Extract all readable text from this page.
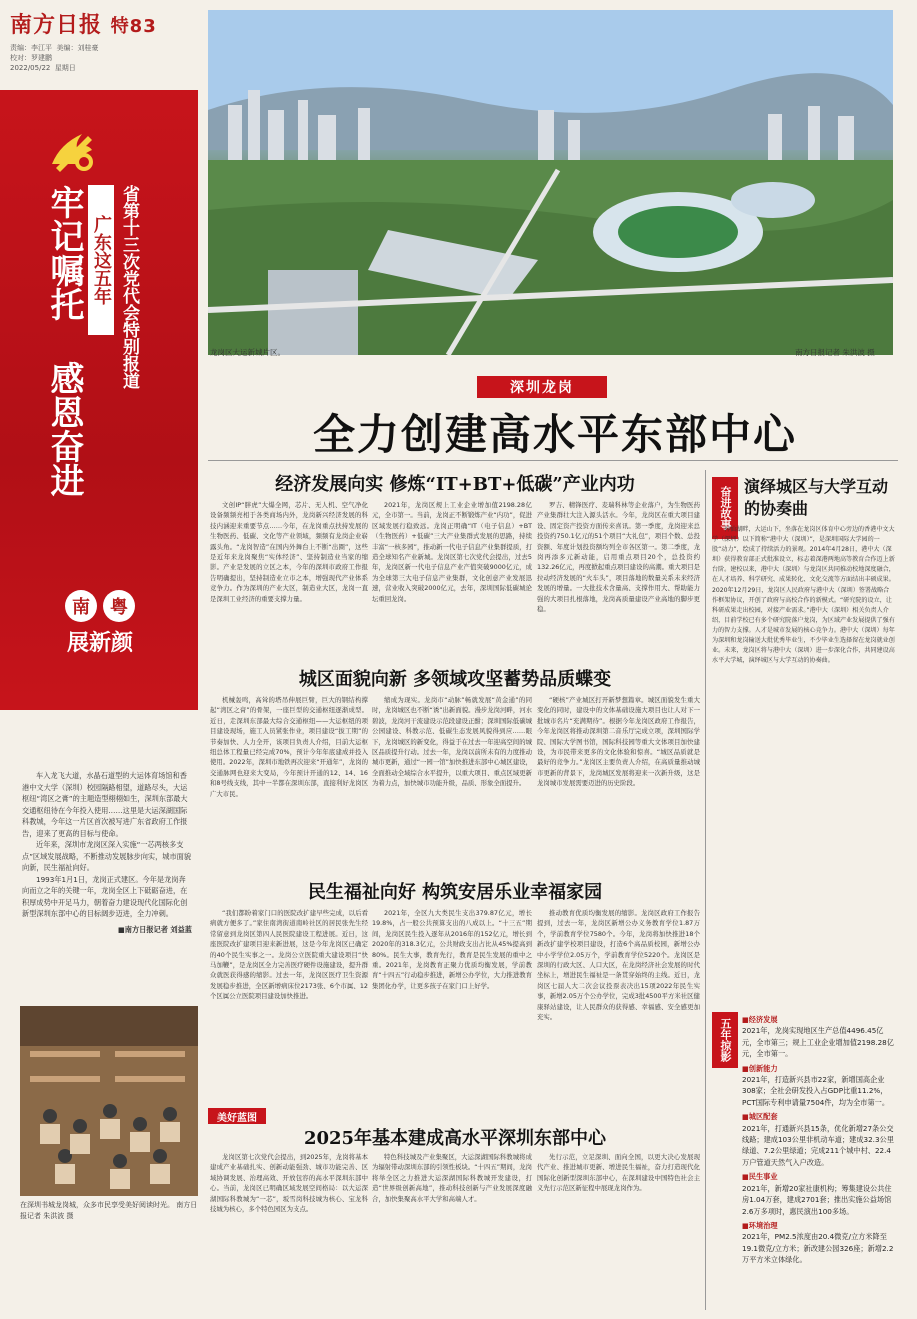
南方日报 特83
责编：李江平 美编：刘桂豪
校对：罗建鹏
2022/05/22 星期日
牢记嘱托 感恩奋进 广东这五年 省第十三次党代会特别报道
南	粤
展新颜

车入龙飞大道，水晶石道型的大运体育场馆和香港中文大学（深圳）校园隔路相望，道路尽头，大运枢纽“湾区之膏”的主题造型栩栩如生，深圳东部最大交通枢纽待在今年投入使用……这里是大运深湖国际科教城，今年这一片区首次被写进广东省政府工作报告，迎来了更高的目标与使命。

近年来，深圳市龙岗区深入实施“一芯两核多支点”区域发展战略，不断推动发展脉步向实，城市面貌向新，民生福祉向好。

1993年1月1日，龙岗正式建区。今年是龙岗奔向而立之年的关键一年，龙岗全区上下砥砺奋进，在积厚成势中开足马力，朝着奋力建设现代化国际化创新型深圳东部中心的目标阔步迈进，全力冲刺。

■南方日报记者 刘益蓝

龙岗区大运新城片区。	南方日报记者 朱洪波 摄
深圳龙岗
全力创建高水平东部中心
经济发展向实 修炼“IT+BT+低碳”产业内功
文创IP“胖虎”大爆全网，芯片、无人机、空气净化设备频频亮相于各类商场内外，龙岗新兴经济发展的科技内涵迎来重要节点……今年，在龙岗重点扶持发展的生物医药、低碳、文化等产业领域，频频有龙岗企业崭露头角。“龙岗智造”在国内外舞台上不断“出圈”，这些是近年来龙岗聚焦“实体经济”、坚持制造业当家的缩影。产业是发展的立区之本，今年的深圳市政府工作报告明确提出，坚持制造业立市之本，增强现代产业体系竞争力。作为深圳的产业大区，制造业大区，龙岗一直是深圳工业经济的重要支撑力量。
2021年，龙岗区规上工业企业增加值2198.28亿元，全市第一。当前，龙岗正不断锻炼产业“内功”，促进区域发展行稳致远。龙岗正明确“IT（电子信息）+BT（生物医药）+低碳”三大产业集群式发展的思路，持续丰富“一核多园”，推动新一代电子信息产业集群提质，打造全球知名产业新城。龙岗区第七次党代会提出，过去5年，龙岗区新一代电子信息产业产值突破9000亿元，成为全球第三大电子信息产业集群，文化创意产业发展迅速，营业收入突破2000亿元，去年，深圳国际低碳城论坛重回龙岗。
罗吉、精锋医疗、麦瑞科林等企业落户，为生物医药产业集群壮大注入源头活水。今年，龙岗区在重大项目建设、固定资产投资方面传来喜讯。第一季度，龙岗迎来总投资约750.1亿元的51个项目“大礼包”，项目个数、总投资额、年度计划投资额均列全市各区第一。第二季度，龙岗再添多元新动能，启用重点项目20个，总投资约132.26亿元，再度掀起重点项目建设的高潮。重大项目是拉动经济发展的“火车头”，项目落地的数量关系未来经济发展的增量。一大批技术含量高、支撑作用大、帮助能力强的大项目扎根落地，龙岗高质量建设产业高地的脚步更稳。
城区面貌向新 多领域攻坚蓄势品质蝶变
机械轰鸣，高耸的塔吊伸展巨臂，巨大的钢结构撑起“湾区之膏”的骨架，一座巨型的交通枢纽逐渐成型。近日，走深圳东部最大综合交通枢纽——大运枢纽的项目建设现场，施工人员紧张作业，项目建设“拔工期”的节奏加快、人力全开，该项目负责人介绍，目前大运枢纽总体工程量已经完成70%，预计今年年底建成并投入使用。2022年，深圳市地铁再次迎来“开通年”，龙岗的交通脉网也迎来大变局，今年预计开通的12、14、16和8号线支线，其中一半都在深圳东部，直接利好龙岗区广大市民。
缩成为现实。龙岗市“动脉”畅就发展“黄金通”的同时，龙岗城区也不断“诱”出新面貌。漫步龙岗河畔，河水碧波，龙岗河干流建设示范段建设正酣；深圳国际低碳城公园建设、科教示范、低碳生态发展风貌得到应……眼下，龙岗城区的新变化，得益于在过去一年迎高空间的城区品质提升行动。过去一年，龙岗以前所未有的力度推动城市更新，通过“一园一馆”加快推进东部中心城区建设，全面推动全域综合水平提升，以重大项目、重点区域更新为着力点，加快城市功能升级，品质、形象全面提升。
“硬核”产业城区打开新梦想篇章。城区面貌发生重大变化的同时，建设中的文体基础设施大项目也让人对下一批城市名片“充满期待”。根据今年龙岗区政府工作报告，今年龙岗区将推动深圳第二音乐厅完成立项，深圳国际学院、国际大学图书馆，国际科技园等重大文体项目加快建设，为市民带来更多的文化体验和惊喜。“城区品质就是最好的竞争力。”龙岗区主要负责人介绍，在高质量推动城市更新的背景下，龙岗城区发展将迎来一次新升级，这是龙岗城市发展需要迈进的历史阶段。
民生福祉向好 构筑安居乐业幸福家园
“我们都盼着家门口的医院改扩建早些完成，以后看病就方便多了。”家住南湾街道南岭社区的居民张先生经常留意到龙岗区第四人民医院建设工程进展。近日，这座医院改扩建项目迎来新进展，这是今年龙岗区已确定的40个民生实事之一。龙岗公立医院重大建设项目“快马加鞭”，是龙岗区全力完善医疗硬件设施建设，提升群众就医获得感的缩影。过去一年，龙岗区医疗卫生资源发展稳步推进，全区新增病床位2173张、6个市属、12个区属公立医院项目建设加快推进。
2021年，全区九大类民生支出379.87亿元，增长19.8%，占一般公共预算支出的八成以上。“十三五”期间，龙岗区民生投入逐年从2016年的152亿元，增长到2020年的318.3亿元，公共财政支出占比从45%提高到80%。民生大事，教育先行，教育是民生发展的重中之重。2021年，龙岗教育正聚力优质均衡发展，学前教育“十四五”行动稳步推进，新增公办学位，大力推进教育集团化办学，让更多孩子在家门口上好学。
推动教育优质均衡发展的缩影。龙岗区政府工作报告提到，过去一年，龙岗区新增公办义务教育学位1.87万个，学前教育学位7580个。今年，龙岗将加快推进18个新改扩建学校项目建设，打造6个高品质校园，新增公办中小学学位2.05万个，学前教育学位5220个。龙岗区是深圳的行政大区、人口大区，在龙岗经济社会发展的时代坐标上，增进民生福祉是一条贯穿始终的主线。近日，龙岗区七届人大二次会议投票表决出15项2022年民生实事，新增2.05万个公办学位，完成3批4500平方米社区健康驿站建设，让人民群众的获得感、幸福感、安全感更加充实。
美好蓝图
2025年基本建成高水平深圳东部中心
龙岗区第七次党代会提出，到2025年，龙岗将基本建成产业基础扎实、创新动能强劲、城市功能完善、区域协调发展、治理高效、开放包容的高水平深圳东部中心。当前，龙岗区已明确区域发展空间格局：以大运深湖国际科教城为“一芯”，坂雪岗科技城为核心、宝龙科技城为核心，多个特色园区为支点。
特色科技城及产业集聚区，大运深湖国际科教城将成为辐射带动深圳东部的引领性板块。“十四五”期间，龙岗将举全区之力推进大运深湖国际科教城开发建设，打造“世界级创新高地”，推动科技创新与产业发展深度融合，加快集聚高水平大学和高端人才。
先行示范，立足深圳、面向全国，以更大决心发展现代产业、推进城市更新、增进民生福祉，奋力打造现代化国际化创新型深圳东部中心，在深圳建设中国特色社会主义先行示范区新征程中展现龙岗作为。
奋进故事 演绎城区与大学互动的协奏曲
神仙湖畔，大运山下，坐落在龙岗区体育中心旁边的香港中文大学（深圳）以下简称“港中大（深圳）”，是深圳国际大学园的一股“动力”，绘成了持续活力的景观。2014年4月28日，港中大（深圳）获得教育部正式批准设立，标志着深港两地高等教育合作迈上新台阶。建校以来，港中大（深圳）与龙岗区共同推动校地深度融合，在人才培养、科学研究、成果转化、文化交流等方面结出丰硕成果。2020年12月29日，龙岗区人民政府与港中大（深圳）签署战略合作框架协议，开创了政府与高校合作的新模式。“研究院的设立，让科研成果走出校园，对接产业需求。”港中大（深圳）相关负责人介绍，目前学校已有多个研究院落户龙岗，为区域产业发展提供了强有力的智力支撑。人才是城市发展的核心竞争力。港中大（深圳）每年为深圳和龙岗输送大批优秀毕业生，不少毕业生选择留在龙岗就业创业。未来，龙岗区将与港中大（深圳）进一步深化合作，共同建设高水平大学城，演绎城区与大学互动的协奏曲。
五年掠影	■经济发展
2021年，龙岗实现地区生产总值4496.45亿元，全市第三；规上工业企业增加值2198.28亿元，全市第一。
■创新能力
2021年，打造新兴县市22家，新增国高企业308家；全社会研发投入占GDP比重11.2%，PCT国际专利申请量7504件，均为全市第一。
■城区配套
2021年，打通新兴县15条，优化新增27条公交线路；建成103公里非机动车道；建成32.3公里绿道、7.2公里绿道；完成211个城中村、22.4万户管道天然气入户改造。
■民生事业
2021年，新增20家社康机构；筹集建设公共住房1.04万套，建成2701套；推出实施公益场馆2.6万多项时，惠民演出100多场。
■环境治理
2021年，PM2.5浓度由20.4微克/立方米降至19.1微克/立方米；新改建公园326座；新增2.2万平方米立体绿化。
在深圳书城龙岗城，众多市民享受美好阅读时光。 南方日报记者 朱洪波 摄
